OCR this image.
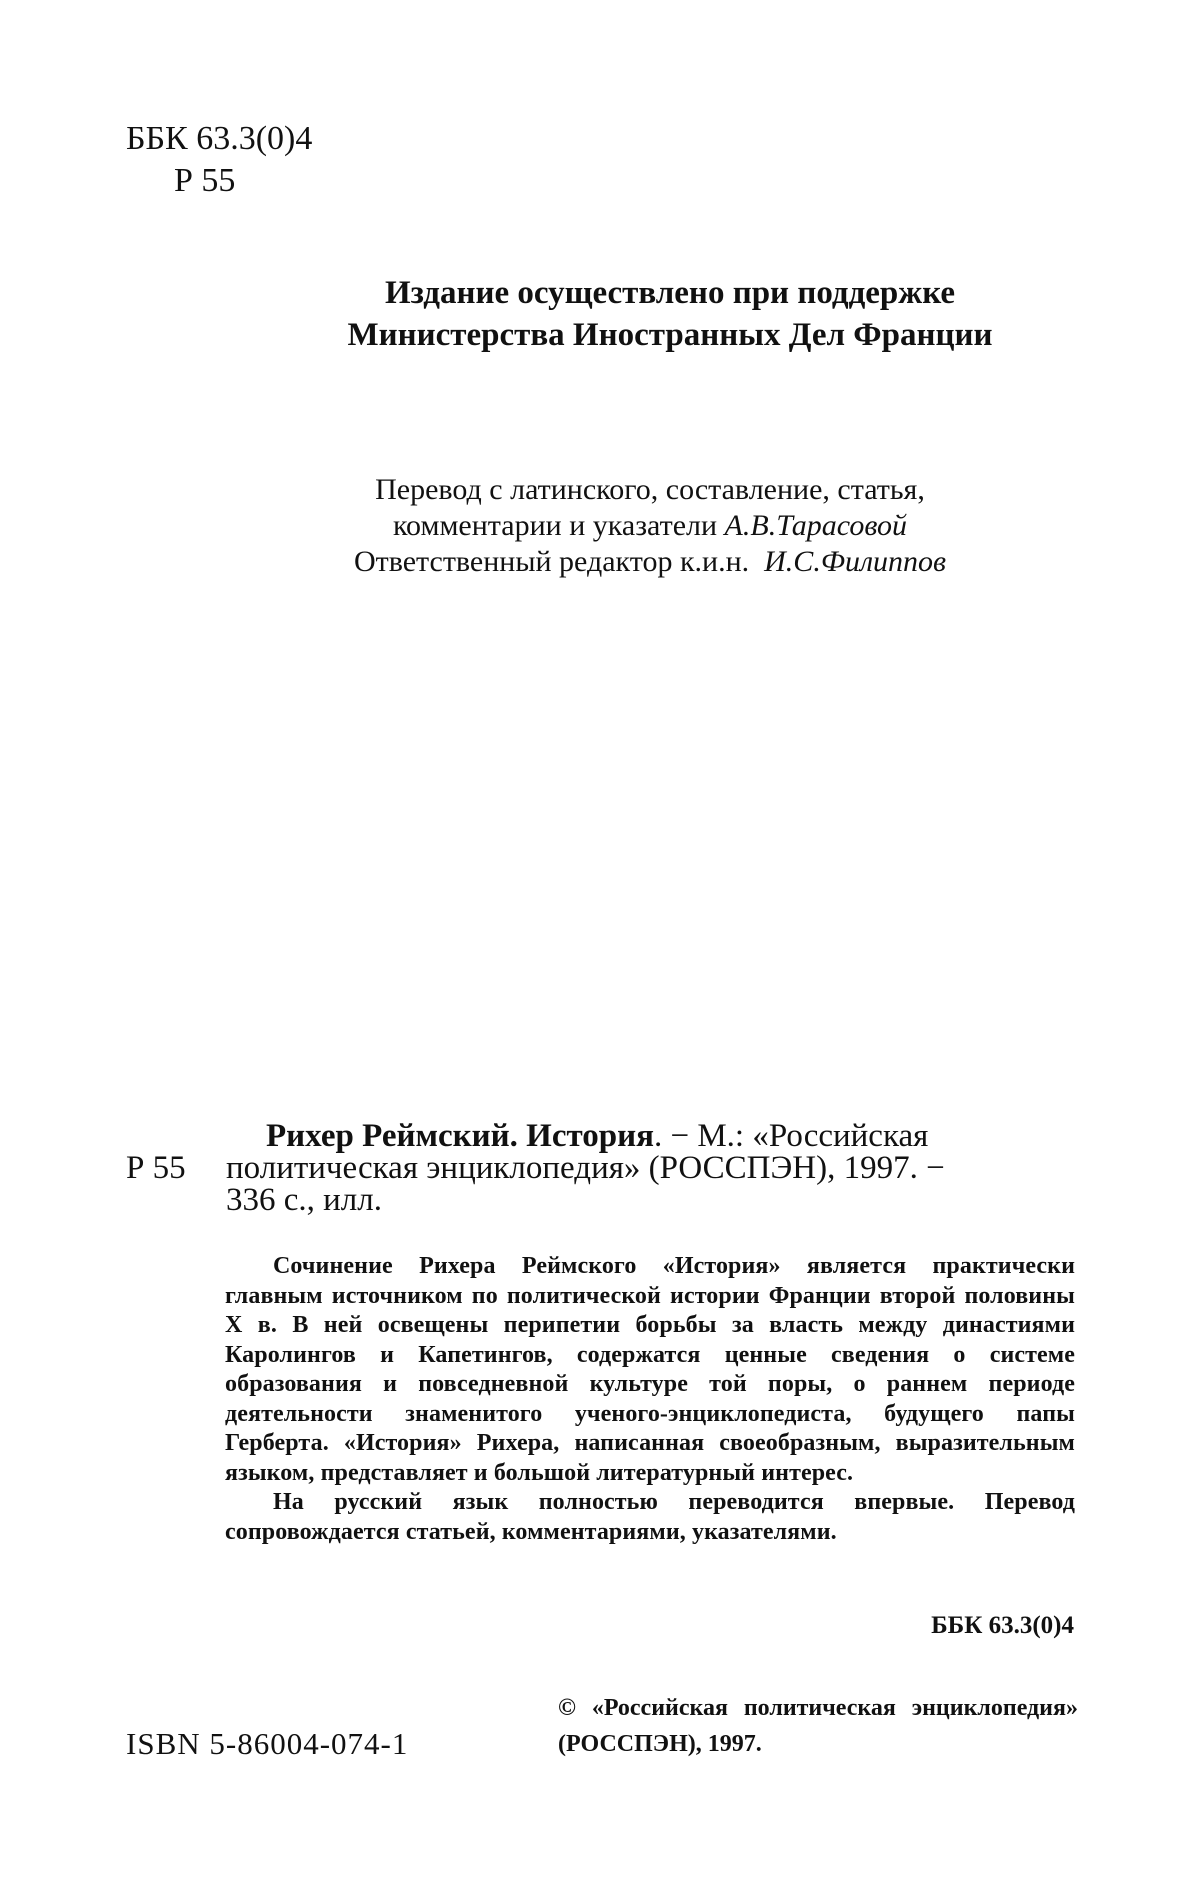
ББК 63.3(0)4
Р 55
Издание осуществлено при поддержке
Министерства Иностранных Дел Франции
Перевод с латинского, составление, статья,
комментарии и указатели А.В.Тарасовой
Ответственный редактор к.и.н. И.С.Филиппов
Рихер Реймский. История. − М.: «Российская
Р 55	политическая энциклопедия» (РОССПЭН), 1997. −
336 с., илл.

Сочинение Рихера Реймского «История» является практически главным источником по политической истории Франции второй половины X в. В ней освещены перипетии борьбы за власть между династиями Каролингов и Капетингов, содержатся ценные сведения о системе образования и повседневной культуре той поры, о раннем периоде деятельности знаменитого ученого-энциклопедиста, будущего папы Герберта. «История» Рихера, написанная своеобразным, выразительным языком, представляет и большой литературный интерес.

На русский язык полностью переводится впервые. Перевод сопровождается статьей, комментариями, указателями.

ББК 63.3(0)4
ISBN 5-86004-074-1
© «Российская политическая энциклопедия» (РОССПЭН), 1997.
